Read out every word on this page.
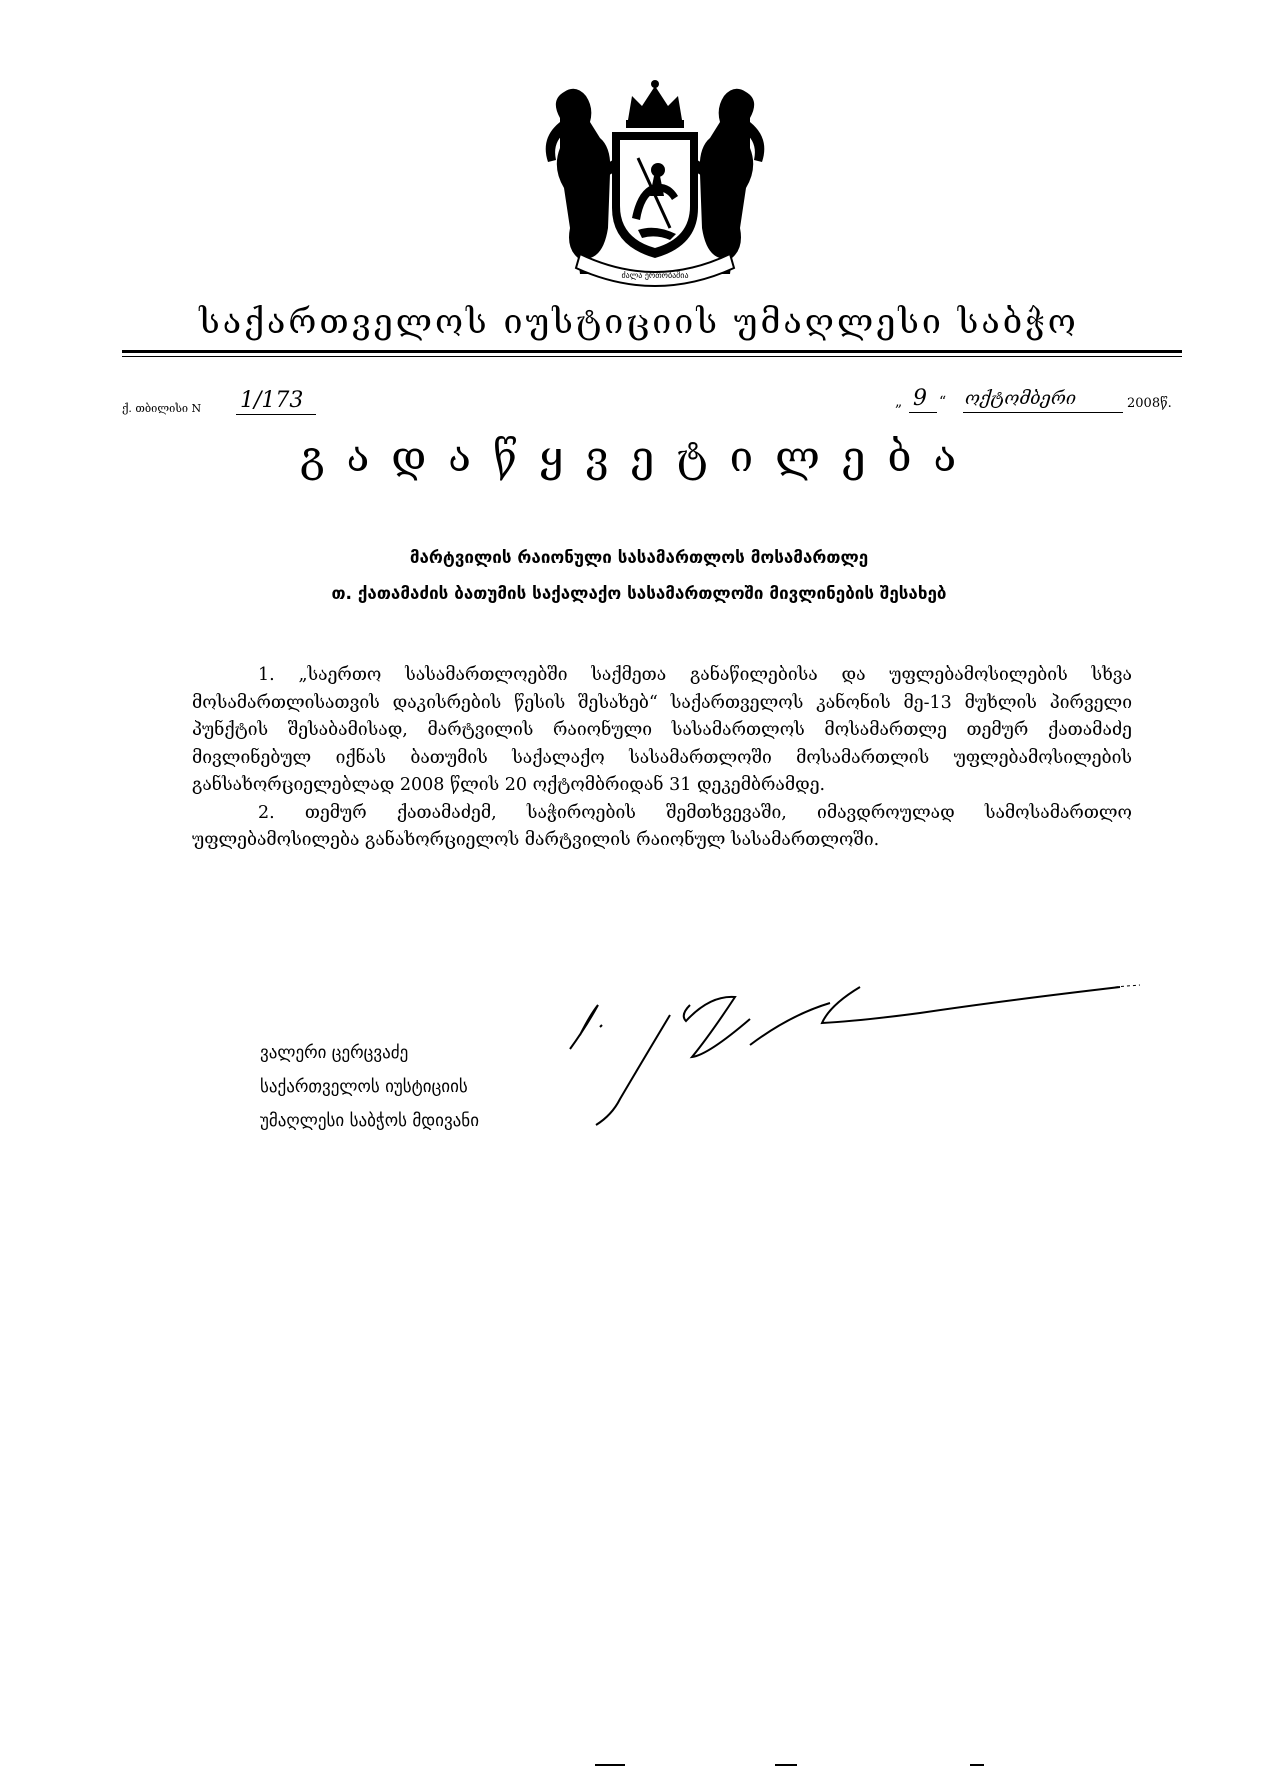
ძალა ერთობაშია
საქართველოს იუსტიციის უმაღლესი საბჭო
ქ. თბილისი N 1/173	„ 9 “ ოქტომბერი	2008წ.
გადაწყვეტილება
მარტვილის რაიონული სასამართლოს მოსამართლე
თ. ქათამაძის ბათუმის საქალაქო სასამართლოში მივლინების შესახებ

1. „საერთო სასამართლოებში საქმეთა განაწილებისა და უფლებამოსილების სხვა მოსამართლისათვის დაკისრების წესის შესახებ“ საქართველოს კანონის მე-13 მუხლის პირველი პუნქტის შესაბამისად, მარტვილის რაიონული სასამართლოს მოსამართლე თემურ ქათამაძე მივლინებულ იქნას ბათუმის საქალაქო სასამართლოში მოსამართლის უფლებამოსილების განსახორციელებლად 2008 წლის 20 ოქტომბრიდან 31 დეკემბრამდე.

2. თემურ ქათამაძემ, საჭიროების შემთხვევაში, იმავდროულად სამოსამართლო უფლებამოსილება განახორციელოს მარტვილის რაიონულ სასამართლოში.

ვალერი ცერცვაძე
საქართველოს იუსტიციის
უმაღლესი საბჭოს მდივანი
